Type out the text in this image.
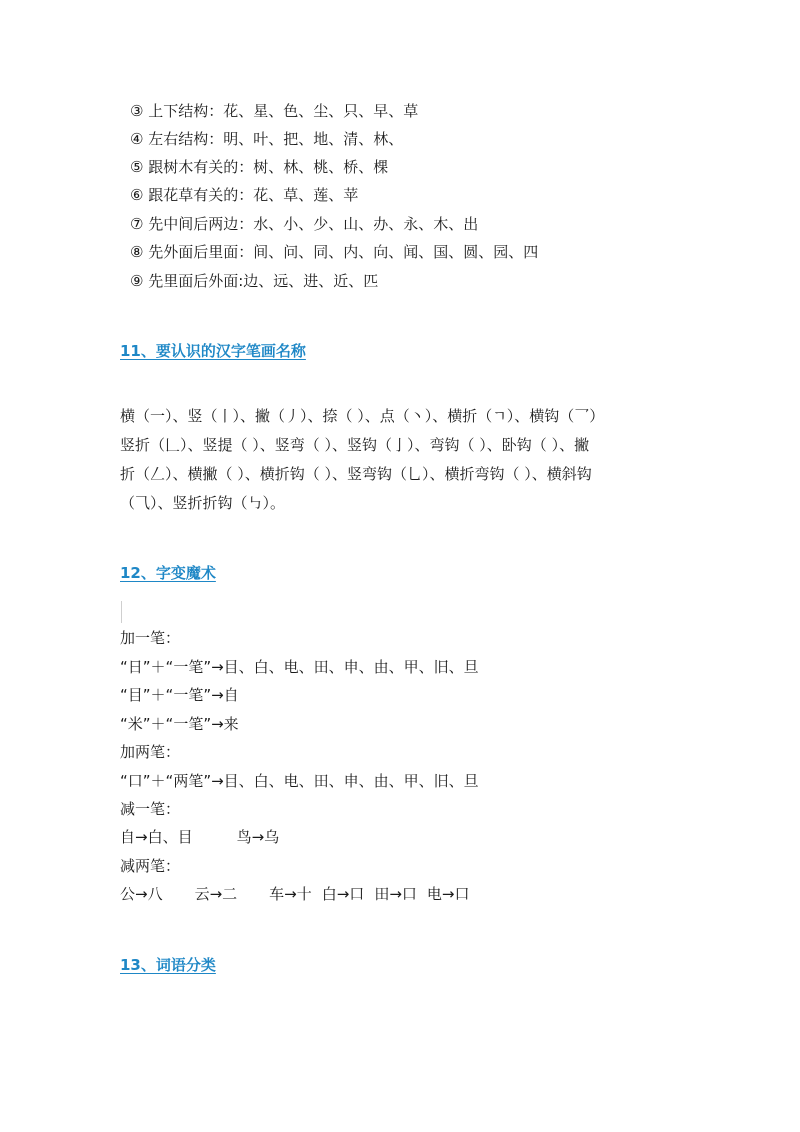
③ 上下结构：花、星、色、尘、只、早、草
④ 左右结构：明、叶、把、地、清、林、
⑤ 跟树木有关的：树、林、桃、桥、棵
⑥ 跟花草有关的：花、草、莲、苹
⑦ 先中间后两边：水、小、少、山、办、永、木、出
⑧ 先外面后里面：间、问、同、内、向、闻、国、圆、园、四
⑨ 先里面后外面:边、远、进、近、匹
11、要认识的汉字笔画名称
横（一）、竖（丨）、撇（丿）、捺（ ）、点（丶）、横折（ㄱ）、横钩（乛）
竖折（𠃊）、竖提（ ）、竖弯（ ）、竖钩（亅）、弯钩（ ）、卧钩（ ）、撇
折（𠃋）、横撇（ ）、横折钩（ ）、竖弯钩（乚）、横折弯钩（ ）、横斜钩
（⺄）、竖折折钩（㇉）。
12、字变魔术
加一笔：
“日”＋“一笔”→目、白、电、田、申、由、甲、旧、旦
“目”＋“一笔”→自
“米”＋“一笔”→来
加两笔：
“口”＋“两笔”→目、白、电、田、申、由、甲、旧、旦
减一笔：
自→白、目	鸟→乌
减两笔：
公→八 云→二 车→十 白→口 田→口 电→口
13、词语分类
